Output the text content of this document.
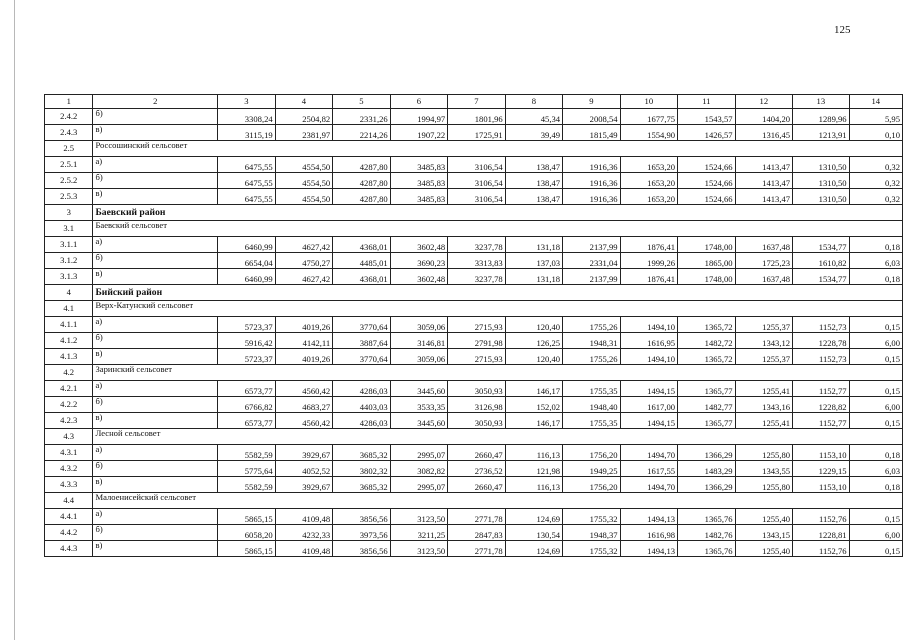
125
1	2	3	4	5	6	7	8	9	10	11	12	13	14
2.4.2	б)	3308,24	2504,82	2331,26	1994,97	1801,96	45,34	2008,54	1677,75	1543,57	1404,20	1289,96	5,95
2.4.3	в)	3115,19	2381,97	2214,26	1907,22	1725,91	39,49	1815,49	1554,90	1426,57	1316,45	1213,91	0,10
2.5	Россошинский сельсовет												
2.5.1	а)	6475,55	4554,50	4287,80	3485,83	3106,54	138,47	1916,36	1653,20	1524,66	1413,47	1310,50	0,32
2.5.2	б)	6475,55	4554,50	4287,80	3485,83	3106,54	138,47	1916,36	1653,20	1524,66	1413,47	1310,50	0,32
2.5.3	в)	6475,55	4554,50	4287,80	3485,83	3106,54	138,47	1916,36	1653,20	1524,66	1413,47	1310,50	0,32
3	Баевский район												
3.1	Баевский сельсовет												
3.1.1	а)	6460,99	4627,42	4368,01	3602,48	3237,78	131,18	2137,99	1876,41	1748,00	1637,48	1534,77	0,18
3.1.2	б)	6654,04	4750,27	4485,01	3690,23	3313,83	137,03	2331,04	1999,26	1865,00	1725,23	1610,82	6,03
3.1.3	в)	6460,99	4627,42	4368,01	3602,48	3237,78	131,18	2137,99	1876,41	1748,00	1637,48	1534,77	0,18
4	Бийский район												
4.1	Верх-Катунский сельсовет												
4.1.1	а)	5723,37	4019,26	3770,64	3059,06	2715,93	120,40	1755,26	1494,10	1365,72	1255,37	1152,73	0,15
4.1.2	б)	5916,42	4142,11	3887,64	3146,81	2791,98	126,25	1948,31	1616,95	1482,72	1343,12	1228,78	6,00
4.1.3	в)	5723,37	4019,26	3770,64	3059,06	2715,93	120,40	1755,26	1494,10	1365,72	1255,37	1152,73	0,15
4.2	Заринский сельсовет												
4.2.1	а)	6573,77	4560,42	4286,03	3445,60	3050,93	146,17	1755,35	1494,15	1365,77	1255,41	1152,77	0,15
4.2.2	б)	6766,82	4683,27	4403,03	3533,35	3126,98	152,02	1948,40	1617,00	1482,77	1343,16	1228,82	6,00
4.2.3	в)	6573,77	4560,42	4286,03	3445,60	3050,93	146,17	1755,35	1494,15	1365,77	1255,41	1152,77	0,15
4.3	Лесной сельсовет												
4.3.1	а)	5582,59	3929,67	3685,32	2995,07	2660,47	116,13	1756,20	1494,70	1366,29	1255,80	1153,10	0,18
4.3.2	б)	5775,64	4052,52	3802,32	3082,82	2736,52	121,98	1949,25	1617,55	1483,29	1343,55	1229,15	6,03
4.3.3	в)	5582,59	3929,67	3685,32	2995,07	2660,47	116,13	1756,20	1494,70	1366,29	1255,80	1153,10	0,18
4.4	Малоенисейский сельсовет												
4.4.1	а)	5865,15	4109,48	3856,56	3123,50	2771,78	124,69	1755,32	1494,13	1365,76	1255,40	1152,76	0,15
4.4.2	б)	6058,20	4232,33	3973,56	3211,25	2847,83	130,54	1948,37	1616,98	1482,76	1343,15	1228,81	6,00
4.4.3	в)	5865,15	4109,48	3856,56	3123,50	2771,78	124,69	1755,32	1494,13	1365,76	1255,40	1152,76	0,15
